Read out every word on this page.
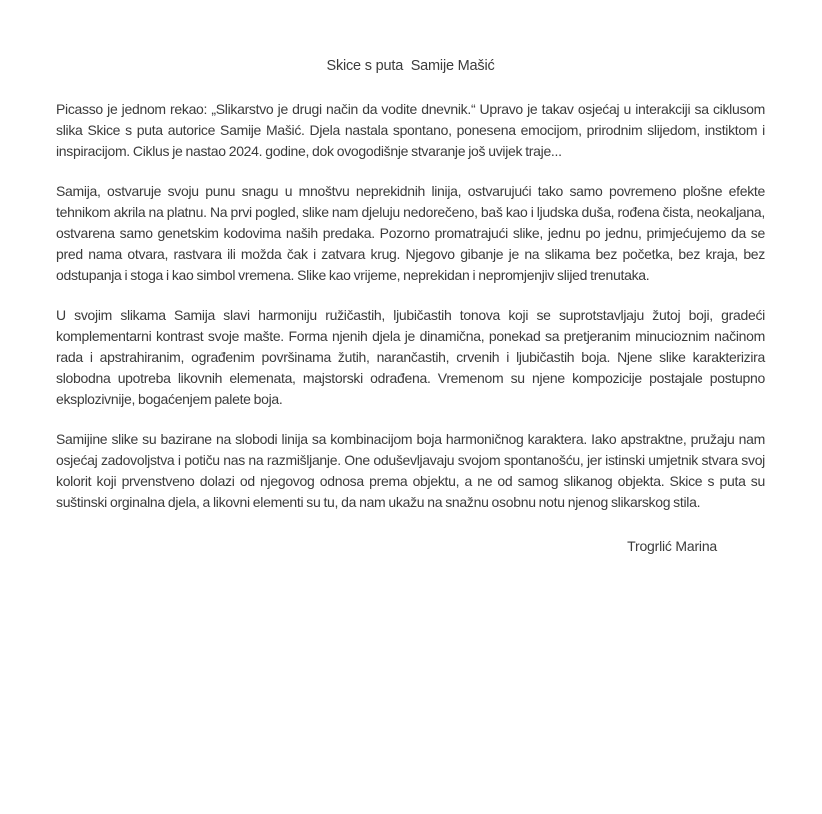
Skice s puta  Samije Mašić

Picasso je jednom rekao: „Slikarstvo je drugi način da vodite dnevnik.“ Upravo je takav osjećaj u interakciji sa ciklusom slika Skice s puta autorice Samije Mašić. Djela nastala spontano, ponesena emocijom, prirodnim slijedom, instiktom i inspiracijom. Ciklus je nastao 2024. godine, dok ovogodišnje stvaranje još uvijek traje...

Samija, ostvaruje svoju punu snagu u mnoštvu neprekidnih linija, ostvarujući tako samo povremeno plošne efekte tehnikom akrila na platnu. Na prvi pogled, slike nam djeluju nedorečeno, baš kao i ljudska duša, rođena čista, neokaljana, ostvarena samo genetskim kodovima naših predaka. Pozorno promatrajući slike, jednu po jednu, primjećujemo da se pred nama otvara, rastvara ili možda čak i zatvara krug. Njegovo gibanje je na slikama bez početka, bez kraja, bez odstupanja i stoga i kao simbol vremena. Slike kao vrijeme, neprekidan i nepromjenjiv slijed trenutaka.

U svojim slikama Samija slavi harmoniju ružičastih, ljubičastih tonova koji se suprotstavljaju žutoj boji, gradeći komplementarni kontrast svoje mašte. Forma njenih djela je dinamična, ponekad sa pretjeranim minucioznim načinom rada i apstrahiranim, ograđenim površinama žutih, narančastih, crvenih i ljubičastih boja. Njene slike karakterizira slobodna upotreba likovnih elemenata, majstorski odrađena. Vremenom su njene kompozicije postajale postupno eksplozivnije, bogaćenjem palete boja.

Samijine slike su bazirane na slobodi linija sa kombinacijom boja harmoničnog karaktera. Iako apstraktne, pružaju nam osjećaj zadovoljstva i potiču nas na razmišljanje. One oduševljavaju svojom spontanošću, jer istinski umjetnik stvara svoj kolorit koji prvenstveno dolazi od njegovog odnosa prema objektu, a ne od samog slikanog objekta. Skice s puta su suštinski orginalna djela, a likovni elementi su tu, da nam ukažu na snažnu osobnu notu njenog slikarskog stila.

Trogrlić Marina
